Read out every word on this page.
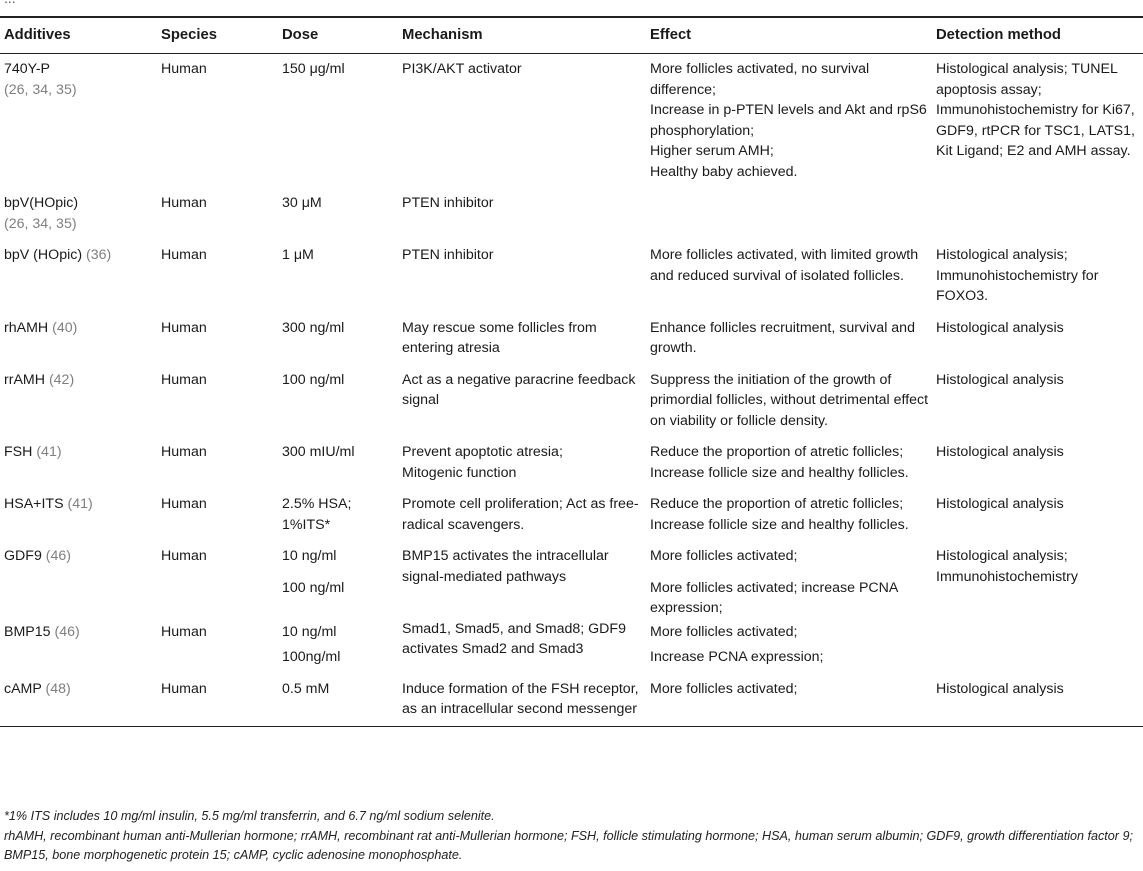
Additives	Species	Dose	Mechanism	Effect	Detection method

740Y-P
(26, 34, 35)	Human	150 μg/ml	PI3K/AKT activator	More follicles activated, no survival difference;
Increase in p-PTEN levels and Akt and rpS6 phosphorylation;
Higher serum AMH;
Healthy baby achieved.	Histological analysis; TUNEL apoptosis assay; Immunohistochemistry for Ki67, GDF9, rtPCR for TSC1, LATS1, Kit Ligand; E2 and AMH assay.

bpV(HOpic)
(26, 34, 35)	Human	30 μM	PTEN inhibitor		
bpV (HOpic) (36)	Human	1 μM	PTEN inhibitor	More follicles activated, with limited growth and reduced survival of isolated follicles.	Histological analysis; Immunohistochemistry for FOXO3.
rhAMH (40)	Human	300 ng/ml	May rescue some follicles from entering atresia	Enhance follicles recruitment, survival and growth.	Histological analysis
rrAMH (42)	Human	100 ng/ml	Act as a negative paracrine feedback signal	Suppress the initiation of the growth of primordial follicles, without detrimental effect on viability or follicle density.	Histological analysis
FSH (41)	Human	300 mIU/ml	Prevent apoptotic atresia; Mitogenic function	Reduce the proportion of atretic follicles; Increase follicle size and healthy follicles.	Histological analysis
HSA+ITS (41)	Human	2.5% HSA; 1%ITS*	Promote cell proliferation; Act as free-radical scavengers.	Reduce the proportion of atretic follicles; Increase follicle size and healthy follicles.	Histological analysis
GDF9 (46)	Human	10 ng/ml
100 ng/ml	BMP15 activates the intracellular signal-mediated pathways	More follicles activated;
More follicles activated; increase PCNA expression;	Histological analysis; Immunohistochemistry
BMP15 (46)	Human	10 ng/ml
100ng/ml	Smad1, Smad5, and Smad8; GDF9 activates Smad2 and Smad3	More follicles activated;
Increase PCNA expression;	

cAMP (48)	Human	0.5 mM	Induce formation of the FSH receptor, as an intracellular second messenger	More follicles activated;	Histological analysis

*1% ITS includes 10 mg/ml insulin, 5.5 mg/ml transferrin, and 6.7 ng/ml sodium selenite.

rhAMH, recombinant human anti-Mullerian hormone; rrAMH, recombinant rat anti-Mullerian hormone; FSH, follicle stimulating hormone; HSA, human serum albumin; GDF9, growth differentiation factor 9; BMP15, bone morphogenetic protein 15; cAMP, cyclic adenosine monophosphate.
